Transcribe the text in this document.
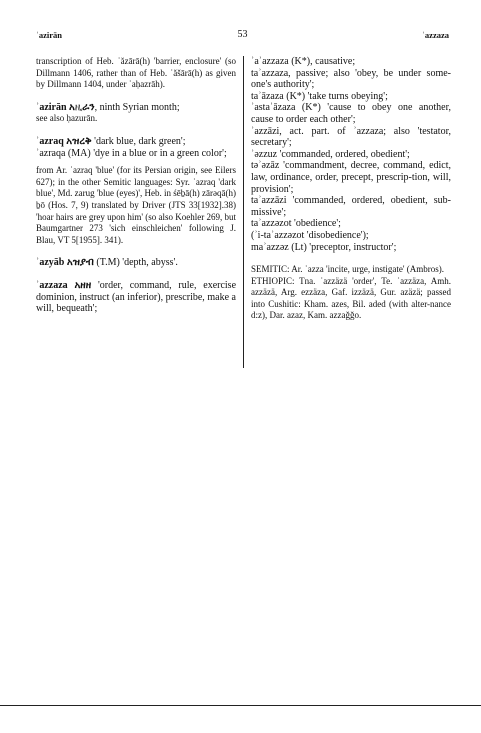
ʾazirān	53	ʾazzaza

transcription of Heb. ʿăzārā(h) 'barrier, enclosure' (so Dillmann 1406, rather than of Heb. ʿăšārā(h) as given by Dillmann 1404, under ʿaḥazrāh).

ʾazirān አዚራን, ninth Syrian month;

see also ḥazurān.

ʾazraq አዝረቅ 'dark blue, dark green';

ʾazraqa (MA) 'dye in a blue or in a green color';

from Ar. ʾazraq 'blue' (for its Persian origin, see Eilers 627); in the other Semitic languages: Syr. ʾazraq 'dark blue', Md. zarug 'blue (eyes)', Heb. in śēḇā(h) zārəqā(h) ḇō (Hos. 7, 9) translated by Driver (JTS 33[1932].38) 'hoar hairs are grey upon him' (so also Koehler 269, but Baumgartner 273 'sich einschleichen' following J. Blau, VT 5[1955]. 341).

ʾazyāb አዝያብ (T.M) 'depth, abyss'.

ʾazzaza አዘዘ 'order, command, rule, exercise dominion, instruct (an inferior), prescribe, make a will, bequeath';

ʾaʾazzaza (K*), causative;

taʾazzaza, passive; also 'obey, be under some-one's authority';

taʾāzaza (K*) 'take turns obeying';

ʾastaʾāzaza (K*) 'cause to obey one another, cause to order each other';

ʾazzāzi, act. part. of ʾazzaza; also 'testator, secretary';

ʾəzzuz 'commanded, ordered, obedient';

təʾəzāz 'commandment, decree, command, edict, law, ordinance, order, precept, prescrip-tion, will, provision';

taʾazzāzi 'commanded, ordered, obedient, sub-missive';

taʾazzəzot 'obedience';

(ʾi-taʾazzəzot 'disobedience');

maʾazzəz (Lt) 'preceptor, instructor';

SEMITIC: Ar. ʾazza 'incite, urge, instigate' (Ambros).

ETHIOPIC: Tna. ʾazzäzä 'order', Te. ʾazzäza, Amh. azzäzä, Arg. ezzäza, Gaf. izzäzä, Gur. azäzä; passed into Cushitic: Kham. azes, Bil. aded (with alter-nance d:z), Dar. azaz, Kam. azzaǧǧo.
